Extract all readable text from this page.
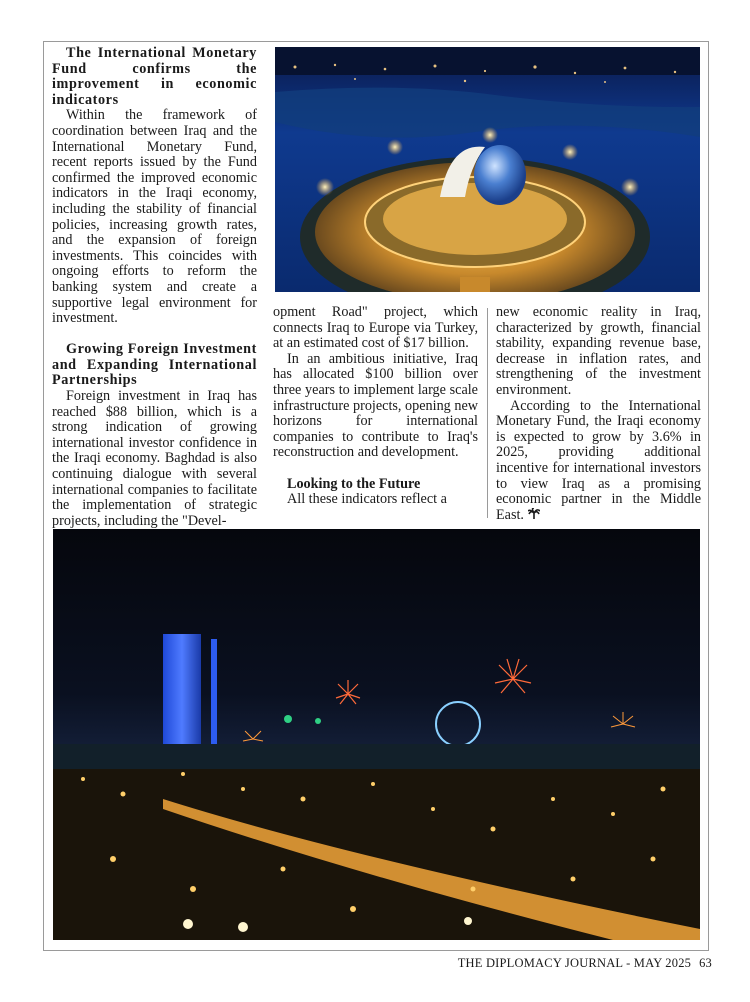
The International Monetary Fund confirms the improvement in economic indicators

Within the framework of coordination between Iraq and the International Monetary Fund, recent reports issued by the Fund confirmed the improved economic indicators in the Iraqi economy, including the stability of financial policies, increasing growth rates, and the expansion of foreign investments. This coincides with ongoing efforts to reform the banking system and create a supportive legal environment for investment.

Growing Foreign Investment and Expanding International Partnerships

Foreign investment in Iraq has reached $88 billion, which is a strong indication of growing international investor confidence in the Iraqi economy. Baghdad is also continuing dialogue with several international companies to facilitate the implementation of strategic projects, including the "Devel-

opment Road" project, which connects Iraq to Europe via Turkey, at an estimated cost of $17 billion.

In an ambitious initiative, Iraq has allocated $100 billion over three years to implement large scale infrastructure projects, opening new horizons for international companies to contribute to Iraq's reconstruction and development.

Looking to the Future

All these indicators reflect a

new economic reality in Iraq, characterized by growth, financial stability, expanding revenue base, decrease in inflation rates, and strengthening of the investment environment.

According to the International Monetary Fund, the Iraqi economy is expected to grow by 3.6% in 2025, providing additional incentive for international investors to view Iraq as a promising economic partner in the Middle East.

THE DIPLOMACY JOURNAL - MAY 2025 63
